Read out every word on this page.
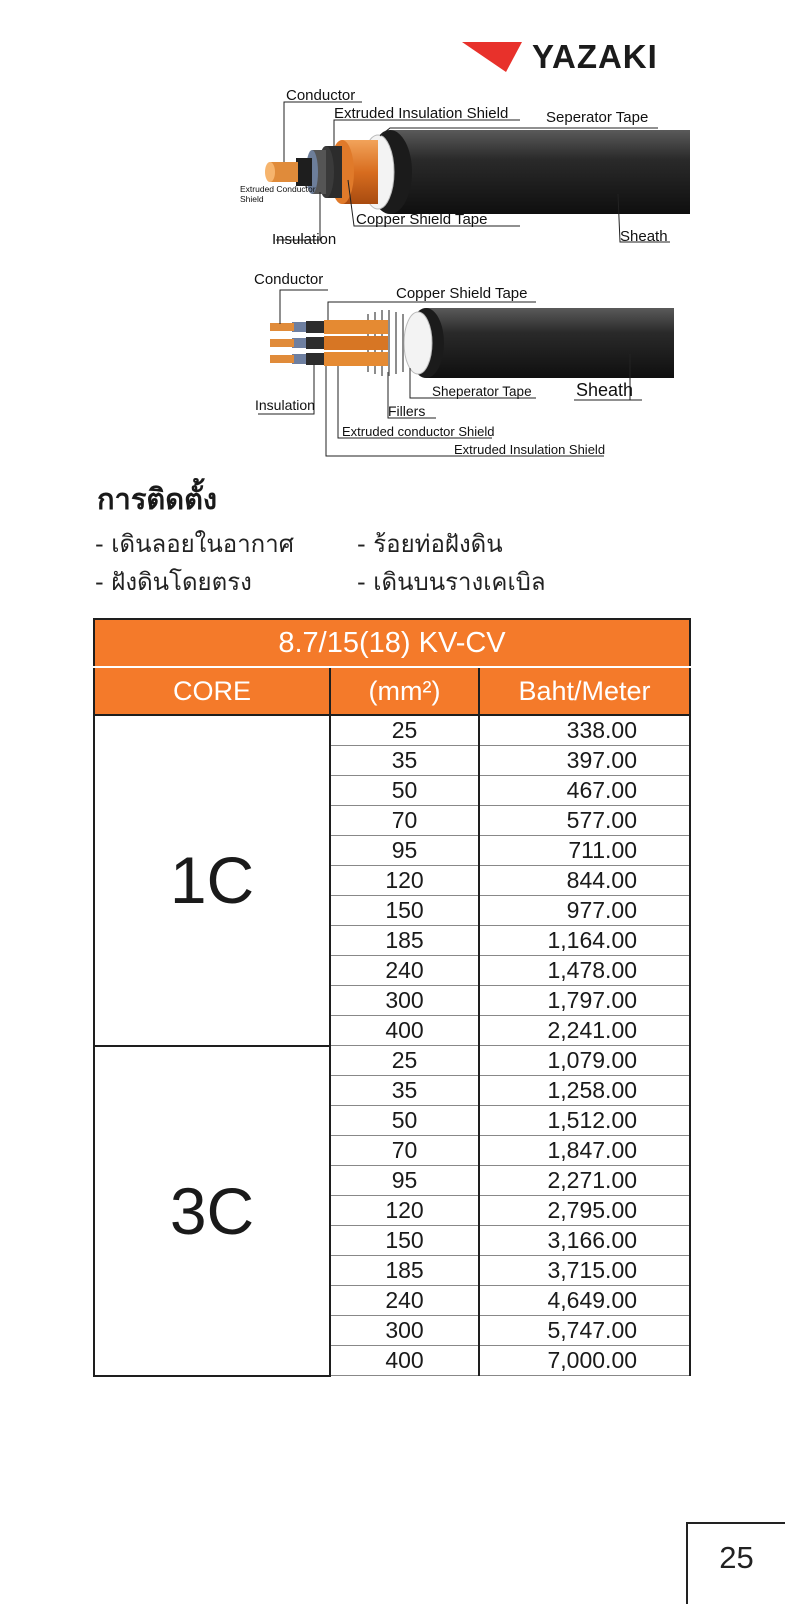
YAZAKI
Conductor
Extruded Insulation Shield	Seperator Tape
Extruded Conductor
Shield
Copper Shield Tape
Insulation	Sheath
Conductor
Copper Shield Tape
Sheperator Tape Sheath
Insulation	Fillers
Extruded conductor Shield
Extruded Insulation Shield
การติดตั้ง
- เดินลอยในอากาศ	- ร้อยท่อฝังดิน
- ฝังดินโดยตรง	- เดินบนรางเคเบิล
8.7/15(18) KV-CV		
CORE	(mm²)	Baht/Meter
1C	25	338.00
	35	397.00
	50	467.00
	70	577.00
	95	711.00
	120	844.00
	150	977.00
	185	1,164.00
	240	1,478.00
	300	1,797.00
	400	2,241.00
3C	25	1,079.00
	35	1,258.00
	50	1,512.00
	70	1,847.00
	95	2,271.00
	120	2,795.00
	150	3,166.00
	185	3,715.00
	240	4,649.00
	300	5,747.00
	400	7,000.00
25
